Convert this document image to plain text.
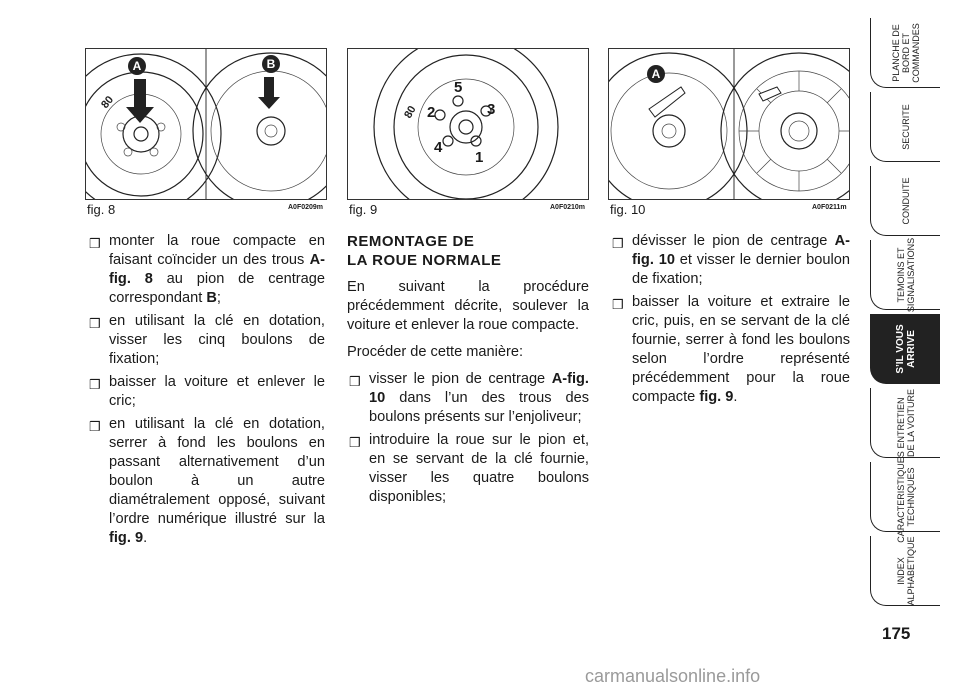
80
A	B
fig. 8	A0F0209m
80
1
2	3
4
5
fig. 9	A0F0210m
A
fig. 10	A0F0211m
❒ monter la roue compacte en faisant coïncider un des trous A-fig. 8 au pion de centrage correspondant B;
❒ en utilisant la clé en dotation, visser les cinq boulons de fixation;
❒ baisser la voiture et enlever le cric;
❒ en utilisant la clé en dotation, serrer à fond les boulons en passant alternativement d’un boulon à un autre diamétralement opposé, suivant l’ordre numérique illustré sur la fig. 9.
REMONTAGE DE
LA ROUE NORMALE
En suivant la procédure précédemment décrite, soulever la voiture et enlever la roue compacte.
Procéder de cette manière:
❒ visser le pion de centrage A-fig. 10 dans l’un des trous des boulons présents sur l’enjoliveur;
❒ introduire la roue sur le pion et, en se servant de la clé fournie, visser les quatre boulons disponibles;
❒ dévisser le pion de centrage A-fig. 10 et visser le dernier boulon de fixation;
❒ baisser la voiture et extraire le cric, puis, en se servant de la clé fournie, serrer à fond les boulons selon l’ordre représenté précédemment pour la roue compacte fig. 9.
PLANCHE DE
BORD ET
COMMANDES
SECURITE
CONDUITE
TEMOINS ET
SIGNALISATIONS
S’IL VOUS
ARRIVE
ENTRETIEN
DE LA VOITURE
CARACTERISTIQUES
TECHNIQUES
INDEX
ALPHABETIQUE
175
carmanualsonline.info
